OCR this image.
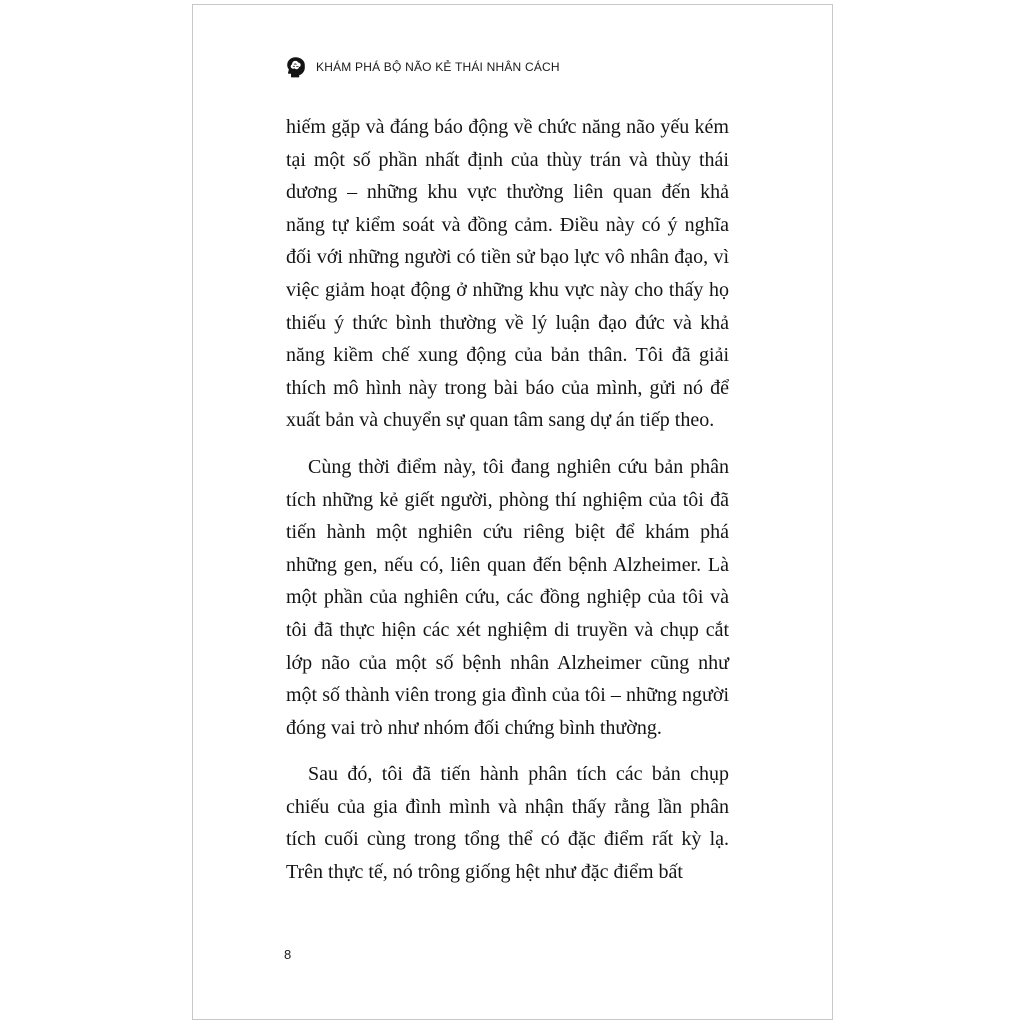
KHÁM PHÁ BỘ NÃO KẺ THÁI NHÂN CÁCH

hiếm gặp và đáng báo động về chức năng não yếu kém tại một số phần nhất định của thùy trán và thùy thái dương – những khu vực thường liên quan đến khả năng tự kiểm soát và đồng cảm. Điều này có ý nghĩa đối với những người có tiền sử bạo lực vô nhân đạo, vì việc giảm hoạt động ở những khu vực này cho thấy họ thiếu ý thức bình thường về lý luận đạo đức và khả năng kiềm chế xung động của bản thân. Tôi đã giải thích mô hình này trong bài báo của mình, gửi nó để xuất bản và chuyển sự quan tâm sang dự án tiếp theo.

Cùng thời điểm này, tôi đang nghiên cứu bản phân tích những kẻ giết người, phòng thí nghiệm của tôi đã tiến hành một nghiên cứu riêng biệt để khám phá những gen, nếu có, liên quan đến bệnh Alzheimer. Là một phần của nghiên cứu, các đồng nghiệp của tôi và tôi đã thực hiện các xét nghiệm di truyền và chụp cắt lớp não của một số bệnh nhân Alzheimer cũng như một số thành viên trong gia đình của tôi – những người đóng vai trò như nhóm đối chứng bình thường.

Sau đó, tôi đã tiến hành phân tích các bản chụp chiếu của gia đình mình và nhận thấy rằng lần phân tích cuối cùng trong tổng thể có đặc điểm rất kỳ lạ. Trên thực tế, nó trông giống hệt như đặc điểm bất

8
